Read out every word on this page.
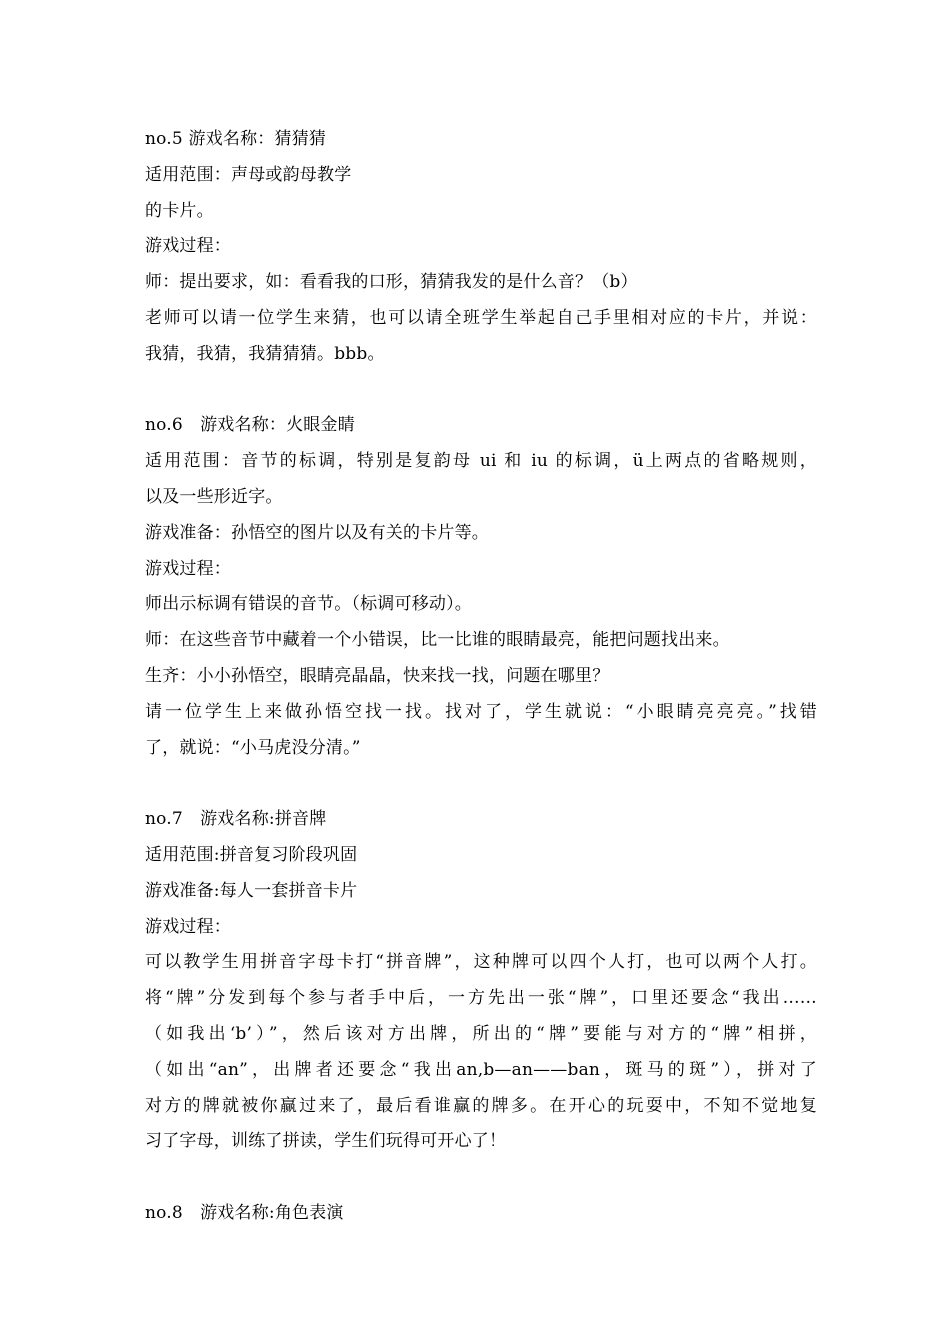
no.5 游戏名称：猜猜猜
适用范围：声母或韵母教学
的卡片。
游戏过程：
师：提出要求，如：看看我的口形，猜猜我发的是什么音？（b）
老师可以请一位学生来猜，也可以请全班学生举起自己手里相对应的卡片，并说：
我猜，我猜，我猜猜猜。bbb。
no.6　游戏名称：火眼金睛
适用范围：音节的标调，特别是复韵母 ui 和 iu 的标调，ü上两点的省略规则，
以及一些形近字。
游戏准备：孙悟空的图片以及有关的卡片等。
游戏过程：
师出示标调有错误的音节。（标调可移动）。
师：在这些音节中藏着一个小错误，比一比谁的眼睛最亮，能把问题找出来。
生齐：小小孙悟空，眼睛亮晶晶，快来找一找，问题在哪里？
请一位学生上来做孙悟空找一找。找对了，学生就说：“小眼睛亮亮亮。”找错
了，就说：“小马虎没分清。”
no.7　游戏名称:拼音牌
适用范围:拼音复习阶段巩固
游戏准备:每人一套拼音卡片
游戏过程：
可以教学生用拼音字母卡打“拼音牌”，这种牌可以四个人打，也可以两个人打。
将“牌”分发到每个参与者手中后，一方先出一张“牌”，口里还要念“我出……
（如我出‘b’）”，然后该对方出牌，所出的“牌”要能与对方的“牌”相拼，
（如出“an”，出牌者还要念“我出an,b—an——ban，斑马的斑”），拼对了
对方的牌就被你赢过来了，最后看谁赢的牌多。在开心的玩耍中，不知不觉地复
习了字母，训练了拼读，学生们玩得可开心了！
no.8　游戏名称:角色表演
